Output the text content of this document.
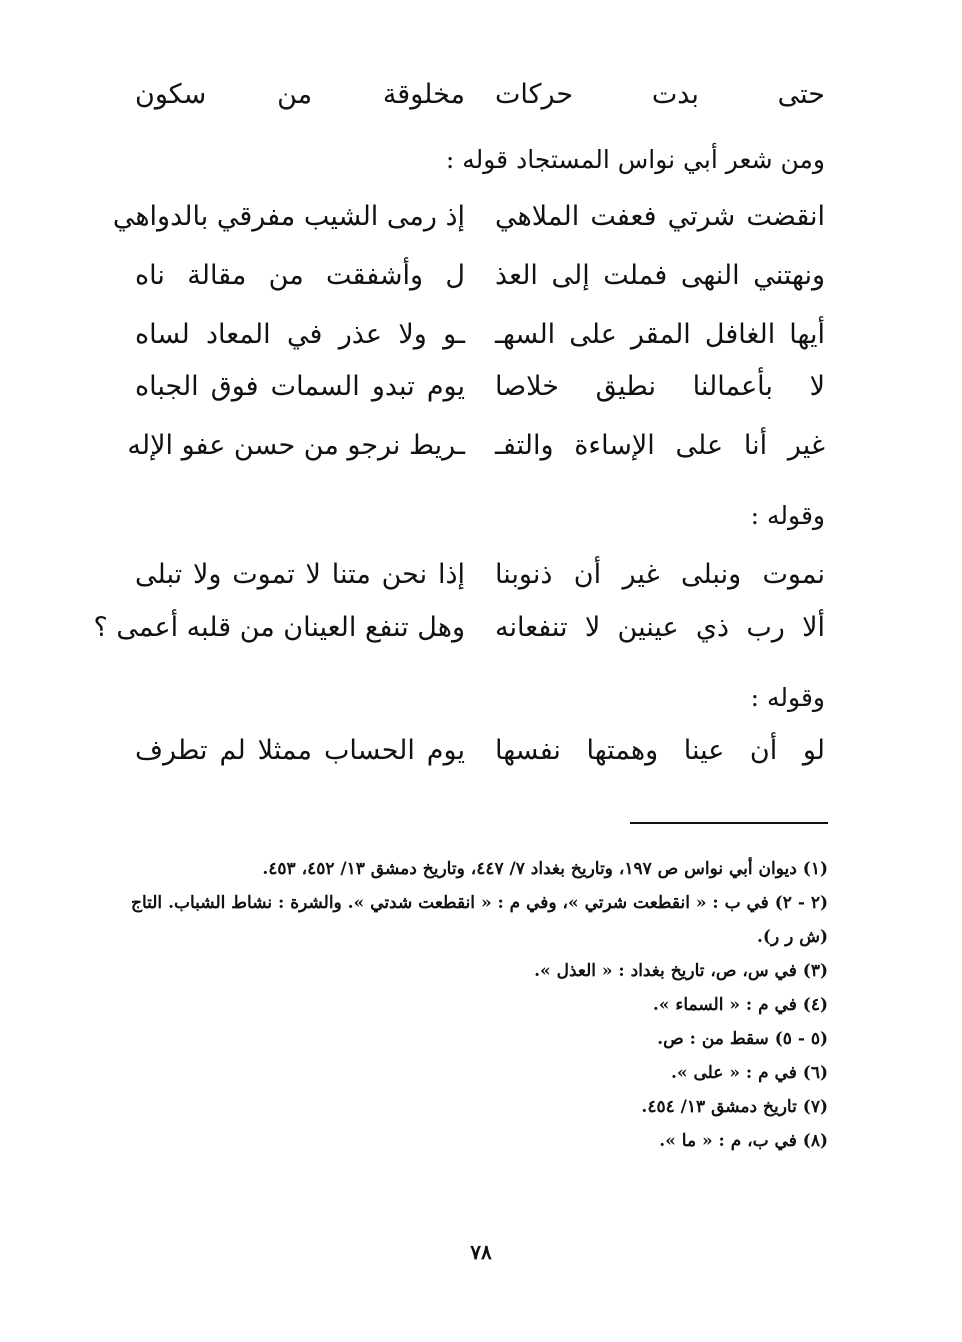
حتى بدت حركات
مخلوقة من سكون
ومن شعر أبي نواس المستجاد قوله :
انقضت شرتي فعفت الملاهي
إذ رمى الشيب مفرقي بالدواهي
ونهتني النهى فملت إلى العذ
ل وأشفقت من مقالة ناه
أيها الغافل المقر على السهـ
ـو ولا عذر في المعاد لساه
لا بأعمالنا نطيق خلاصا
يوم تبدو السمات فوق الجباه
غير أنا على الإساءة والتفـ
ـريط نرجو من حسن عفو الإله
وقوله :
نموت ونبلى غير أن ذنوبنا
إذا نحن متنا لا تموت ولا تبلى
ألا رب ذي عينين لا تنفعانه
وهل تنفع العينان من قلبه أعمى ؟
وقوله :
لو أن عينا وهمتها نفسها
يوم الحساب ممثلا لم تطرف
(١) ديوان أبي نواس ص ١٩٧، وتاريخ بغداد ٧/ ٤٤٧، وتاريخ دمشق ١٣/ ٤٥٢، ٤٥٣.
(٢ - ٢) في ب : « انقطعت شرتي »، وفي م : « انقطعت شدتي ». والشرة : نشاط الشباب. التاج
(ش ر ر).
(٣) في س، ص، تاريخ بغداد : « العذل ».
(٤) في م : « السماء ».
(٥ - ٥) سقط من : ص.
(٦) في م : « على ».
(٧) تاريخ دمشق ١٣/ ٤٥٤.
(٨) في ب، م : « ما ».
٧٨
